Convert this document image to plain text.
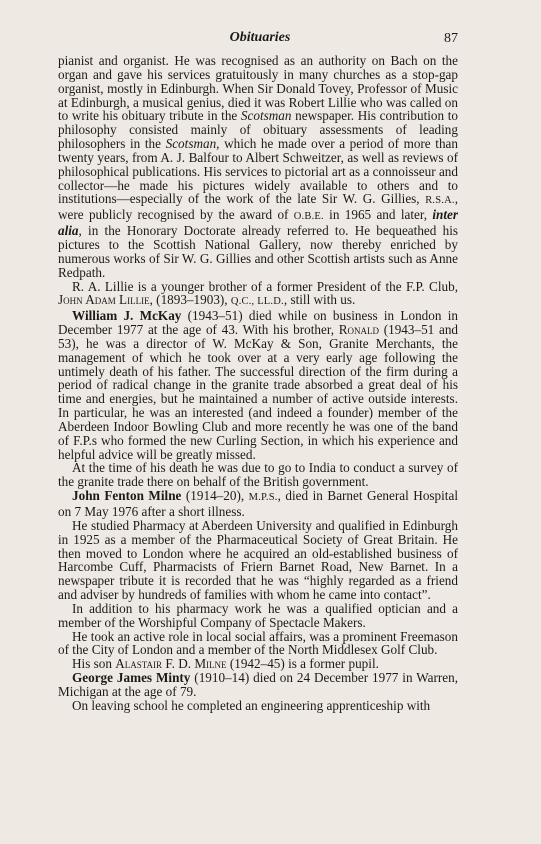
Obituaries	87

pianist and organist. He was recognised as an authority on Bach on the organ and gave his services gratuitously in many churches as a stop-gap organist, mostly in Edinburgh. When Sir Donald Tovey, Professor of Music at Edinburgh, a musical genius, died it was Robert Lillie who was called on to write his obituary tribute in the Scotsman newspaper. His contribution to philosophy consisted mainly of obituary assessments of leading philosophers in the Scotsman, which he made over a period of more than twenty years, from A. J. Balfour to Albert Schweitzer, as well as reviews of philosophical publications. His services to pictorial art as a connoisseur and collector—he made his pictures widely available to others and to institutions—especially of the work of the late Sir W. G. Gillies, R.S.A., were publicly recognised by the award of O.B.E. in 1965 and later, inter alia, in the Honorary Doctorate already referred to. He bequeathed his pictures to the Scottish National Gallery, now thereby enriched by numerous works of Sir W. G. Gillies and other Scottish artists such as Anne Redpath.

R. A. Lillie is a younger brother of a former President of the F.P. Club, John Adam Lillie, (1893–1903), Q.C., LL.D., still with us.

William J. McKay (1943–51) died while on business in London in December 1977 at the age of 43. With his brother, Ronald (1943–51 and 53), he was a director of W. McKay & Son, Granite Merchants, the management of which he took over at a very early age following the untimely death of his father. The successful direction of the firm during a period of radical change in the granite trade absorbed a great deal of his time and energies, but he maintained a number of active outside interests. In particular, he was an interested (and indeed a founder) member of the Aberdeen Indoor Bowling Club and more recently he was one of the band of F.P.s who formed the new Curling Section, in which his experience and helpful advice will be greatly missed.

At the time of his death he was due to go to India to conduct a survey of the granite trade there on behalf of the British government.

John Fenton Milne (1914–20), M.P.S., died in Barnet General Hospital on 7 May 1976 after a short illness.

He studied Pharmacy at Aberdeen University and qualified in Edinburgh in 1925 as a member of the Pharmaceutical Society of Great Britain. He then moved to London where he acquired an old-established business of Harcombe Cuff, Pharmacists of Friern Barnet Road, New Barnet. In a newspaper tribute it is recorded that he was “highly regarded as a friend and adviser by hundreds of families with whom he came into contact”.

In addition to his pharmacy work he was a qualified optician and a member of the Worshipful Company of Spectacle Makers.

He took an active role in local social affairs, was a prominent Freemason of the City of London and a member of the North Middlesex Golf Club.

His son Alastair F. D. Milne (1942–45) is a former pupil.

George James Minty (1910–14) died on 24 December 1977 in Warren, Michigan at the age of 79.

On leaving school he completed an engineering apprenticeship with
